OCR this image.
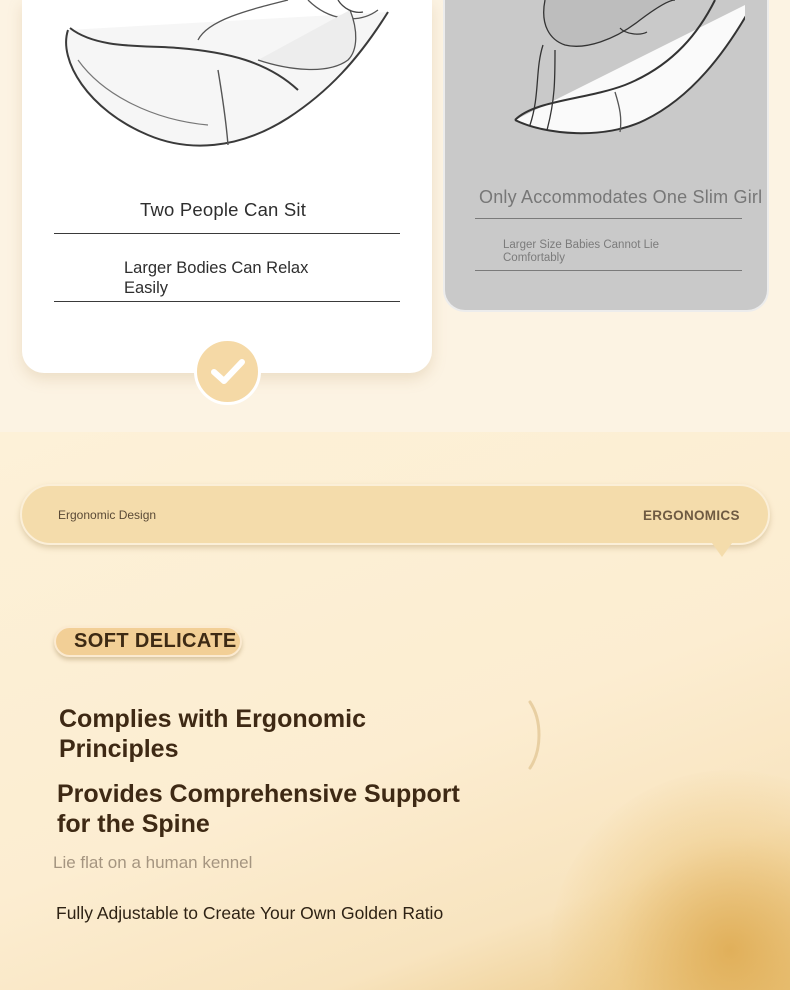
Two People Can Sit
Larger Bodies Can Relax Easily
Only Accommodates One Slim Girl
Larger Size Babies Cannot Lie Comfortably
Ergonomic Design	ERGONOMICS
SOFT DELICATE
Complies with Ergonomic Principles
Provides Comprehensive Support for the Spine
Lie flat on a human kennel
Fully Adjustable to Create Your Own Golden Ratio
